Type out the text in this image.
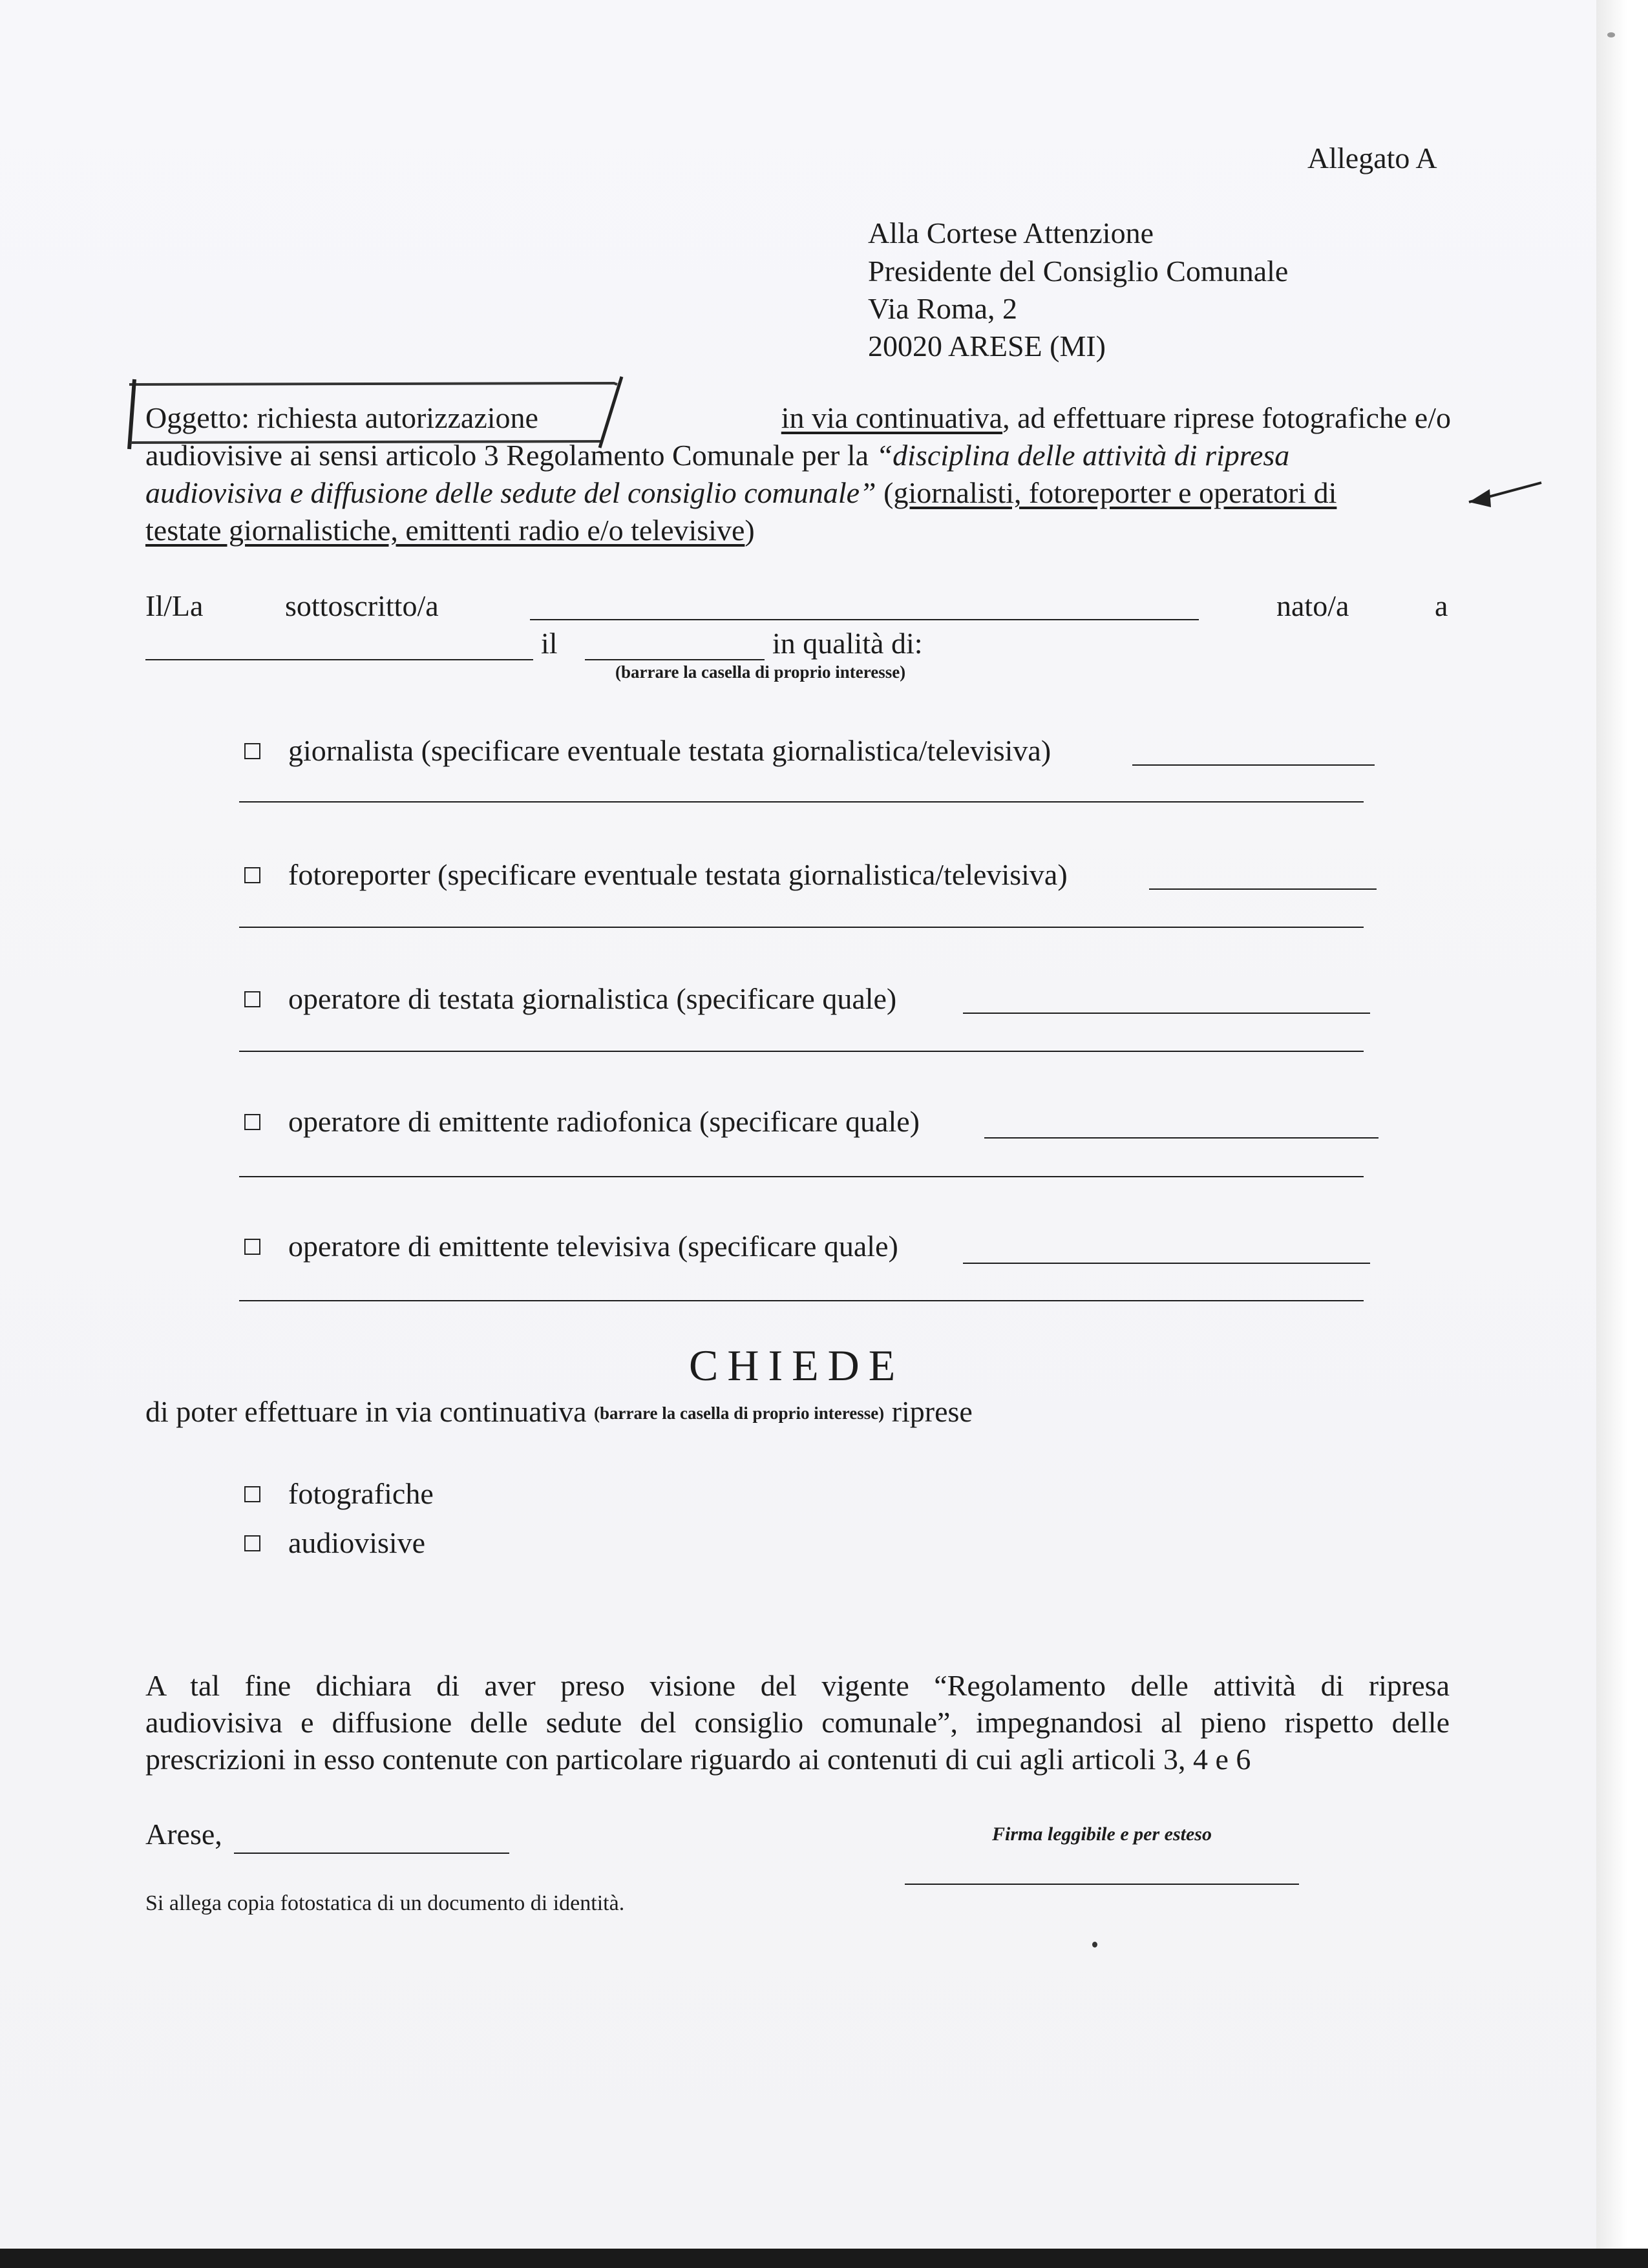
Allegato A
Alla Cortese Attenzione
Presidente del Consiglio Comunale
Via Roma, 2
20020 ARESE (MI)
Oggetto: richiesta autorizzazione	in via continuativa, ad effettuare riprese fotografiche e/o
audiovisive ai sensi articolo 3 Regolamento Comunale per la “disciplina delle attività di ripresa
audiovisiva e diffusione delle sedute del consiglio comunale” (giornalisti, fotoreporter e operatori di
testate giornalistiche, emittenti radio e/o televisive)
Il/La	sottoscritto/a	nato/a	a
il	in qualità di:
(barrare la casella di proprio interesse)
giornalista (specificare eventuale testata giornalistica/televisiva)
fotoreporter (specificare eventuale testata giornalistica/televisiva)
operatore di testata giornalistica (specificare quale)
operatore di emittente radiofonica (specificare quale)
operatore di emittente televisiva (specificare quale)
CHIEDE
di poter effettuare in via continuativa (barrare la casella di proprio interesse) riprese
fotografiche
audiovisive
A tal fine dichiara di aver preso visione del vigente “Regolamento delle attività di ripresa
audiovisiva e diffusione delle sedute del consiglio comunale”, impegnandosi al pieno rispetto delle
prescrizioni in esso contenute con particolare riguardo ai contenuti di cui agli articoli 3, 4 e 6
Arese,	Firma leggibile e per esteso
Si allega copia fotostatica di un documento di identità.
